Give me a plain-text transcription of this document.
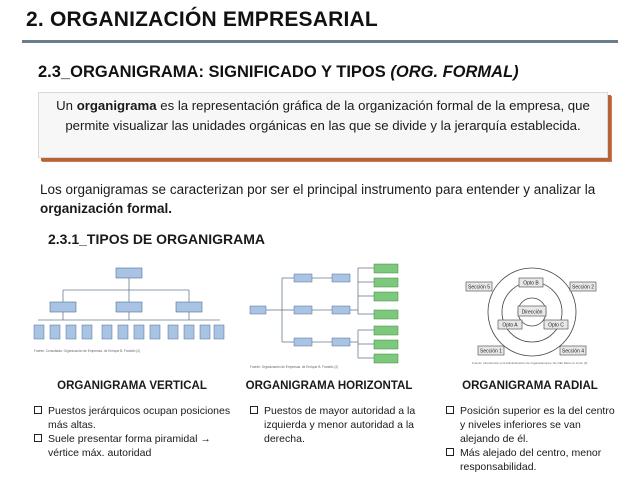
2. ORGANIZACIÓN EMPRESARIAL
2.3_ORGANIGRAMA: SIGNIFICADO Y TIPOS (ORG. FORMAL)
Un organigrama es la representación gráfica de la organización formal de la empresa, que permite visualizar las unidades orgánicas en las que se divide y la jerarquía establecida.
Los organigramas se caracterizan por ser el principal instrumento para entender y analizar la organización formal.
2.3.1_TIPOS DE ORGANIGRAMA
Fuente: Consultada, Organización de Empresas, de Enrique B. Franklin (2)
Fuente: Organización de Empresas, de Enrique B. Franklin (2)
Dirección
Opto B
Opto A	Opto C
Sección 5	Sección 2
Sección 1	Sección 4
Fuente: Introducción a la Administración de Organizaciones, De Ollé Reiter et Curic (3)
ORGANIGRAMA VERTICAL	ORGANIGRAMA HORIZONTAL	ORGANIGRAMA RADIAL
Puestos jerárquicos ocupan posiciones más altas.
Suele presentar forma piramidal → vértice máx. autoridad
Puestos de mayor autoridad a la izquierda y menor autoridad a la derecha.
Posición superior es la del centro y niveles inferiores se van alejando de él.
Más alejado del centro, menor responsabilidad.
